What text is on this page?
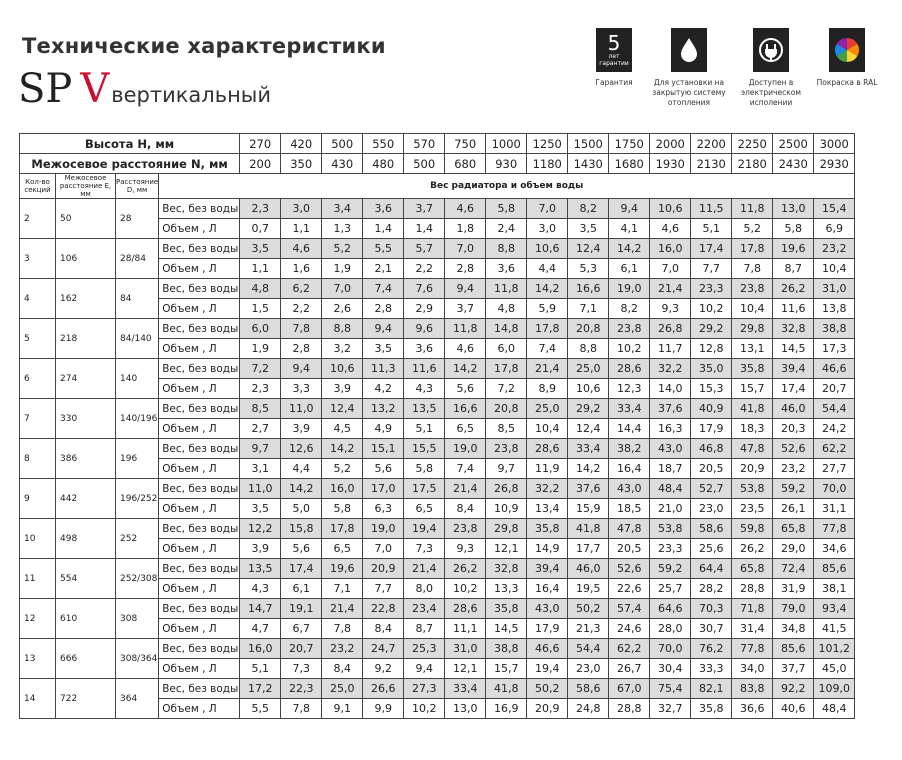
Технические характеристики
SP Vвертикальный
5
лет
гарантии
Гарантия	Для установки на закрытую систему отопления
Доступен в электрическом исполении
Покраска в RAL
Высота H, мм				270	420	500	550	570	750	1000	1250	1500	1750	2000	2200	2250	2500	3000
Межосевое расстояние N, мм				200	350	430	480	500	680	930	1180	1430	1680	1930	2130	2180	2430	2930
Кол-во секций	Межосевое расстояние E, мм	Расстояние D, мм	Вес радиатора и объем воды															
2	50	28	Вес, без воды	2,3	3,0	3,4	3,6	3,7	4,6	5,8	7,0	8,2	9,4	10,6	11,5	11,8	13,0	15,4
			Объем , Л	0,7	1,1	1,3	1,4	1,4	1,8	2,4	3,0	3,5	4,1	4,6	5,1	5,2	5,8	6,9
3	106	28/84	Вес, без воды	3,5	4,6	5,2	5,5	5,7	7,0	8,8	10,6	12,4	14,2	16,0	17,4	17,8	19,6	23,2
			Объем , Л	1,1	1,6	1,9	2,1	2,2	2,8	3,6	4,4	5,3	6,1	7,0	7,7	7,8	8,7	10,4
4	162	84	Вес, без воды	4,8	6,2	7,0	7,4	7,6	9,4	11,8	14,2	16,6	19,0	21,4	23,3	23,8	26,2	31,0
			Объем , Л	1,5	2,2	2,6	2,8	2,9	3,7	4,8	5,9	7,1	8,2	9,3	10,2	10,4	11,6	13,8
5	218	84/140	Вес, без воды	6,0	7,8	8,8	9,4	9,6	11,8	14,8	17,8	20,8	23,8	26,8	29,2	29,8	32,8	38,8
			Объем , Л	1,9	2,8	3,2	3,5	3,6	4,6	6,0	7,4	8,8	10,2	11,7	12,8	13,1	14,5	17,3
6	274	140	Вес, без воды	7,2	9,4	10,6	11,3	11,6	14,2	17,8	21,4	25,0	28,6	32,2	35,0	35,8	39,4	46,6
			Объем , Л	2,3	3,3	3,9	4,2	4,3	5,6	7,2	8,9	10,6	12,3	14,0	15,3	15,7	17,4	20,7
7	330	140/196	Вес, без воды	8,5	11,0	12,4	13,2	13,5	16,6	20,8	25,0	29,2	33,4	37,6	40,9	41,8	46,0	54,4
			Объем , Л	2,7	3,9	4,5	4,9	5,1	6,5	8,5	10,4	12,4	14,4	16,3	17,9	18,3	20,3	24,2
8	386	196	Вес, без воды	9,7	12,6	14,2	15,1	15,5	19,0	23,8	28,6	33,4	38,2	43,0	46,8	47,8	52,6	62,2
			Объем , Л	3,1	4,4	5,2	5,6	5,8	7,4	9,7	11,9	14,2	16,4	18,7	20,5	20,9	23,2	27,7
9	442	196/252	Вес, без воды	11,0	14,2	16,0	17,0	17,5	21,4	26,8	32,2	37,6	43,0	48,4	52,7	53,8	59,2	70,0
			Объем , Л	3,5	5,0	5,8	6,3	6,5	8,4	10,9	13,4	15,9	18,5	21,0	23,0	23,5	26,1	31,1
10	498	252	Вес, без воды	12,2	15,8	17,8	19,0	19,4	23,8	29,8	35,8	41,8	47,8	53,8	58,6	59,8	65,8	77,8
			Объем , Л	3,9	5,6	6,5	7,0	7,3	9,3	12,1	14,9	17,7	20,5	23,3	25,6	26,2	29,0	34,6
11	554	252/308	Вес, без воды	13,5	17,4	19,6	20,9	21,4	26,2	32,8	39,4	46,0	52,6	59,2	64,4	65,8	72,4	85,6
			Объем , Л	4,3	6,1	7,1	7,7	8,0	10,2	13,3	16,4	19,5	22,6	25,7	28,2	28,8	31,9	38,1
12	610	308	Вес, без воды	14,7	19,1	21,4	22,8	23,4	28,6	35,8	43,0	50,2	57,4	64,6	70,3	71,8	79,0	93,4
			Объем , Л	4,7	6,7	7,8	8,4	8,7	11,1	14,5	17,9	21,3	24,6	28,0	30,7	31,4	34,8	41,5
13	666	308/364	Вес, без воды	16,0	20,7	23,2	24,7	25,3	31,0	38,8	46,6	54,4	62,2	70,0	76,2	77,8	85,6	101,2
			Объем , Л	5,1	7,3	8,4	9,2	9,4	12,1	15,7	19,4	23,0	26,7	30,4	33,3	34,0	37,7	45,0
14	722	364	Вес, без воды	17,2	22,3	25,0	26,6	27,3	33,4	41,8	50,2	58,6	67,0	75,4	82,1	83,8	92,2	109,0
			Объем , Л	5,5	7,8	9,1	9,9	10,2	13,0	16,9	20,9	24,8	28,8	32,7	35,8	36,6	40,6	48,4
